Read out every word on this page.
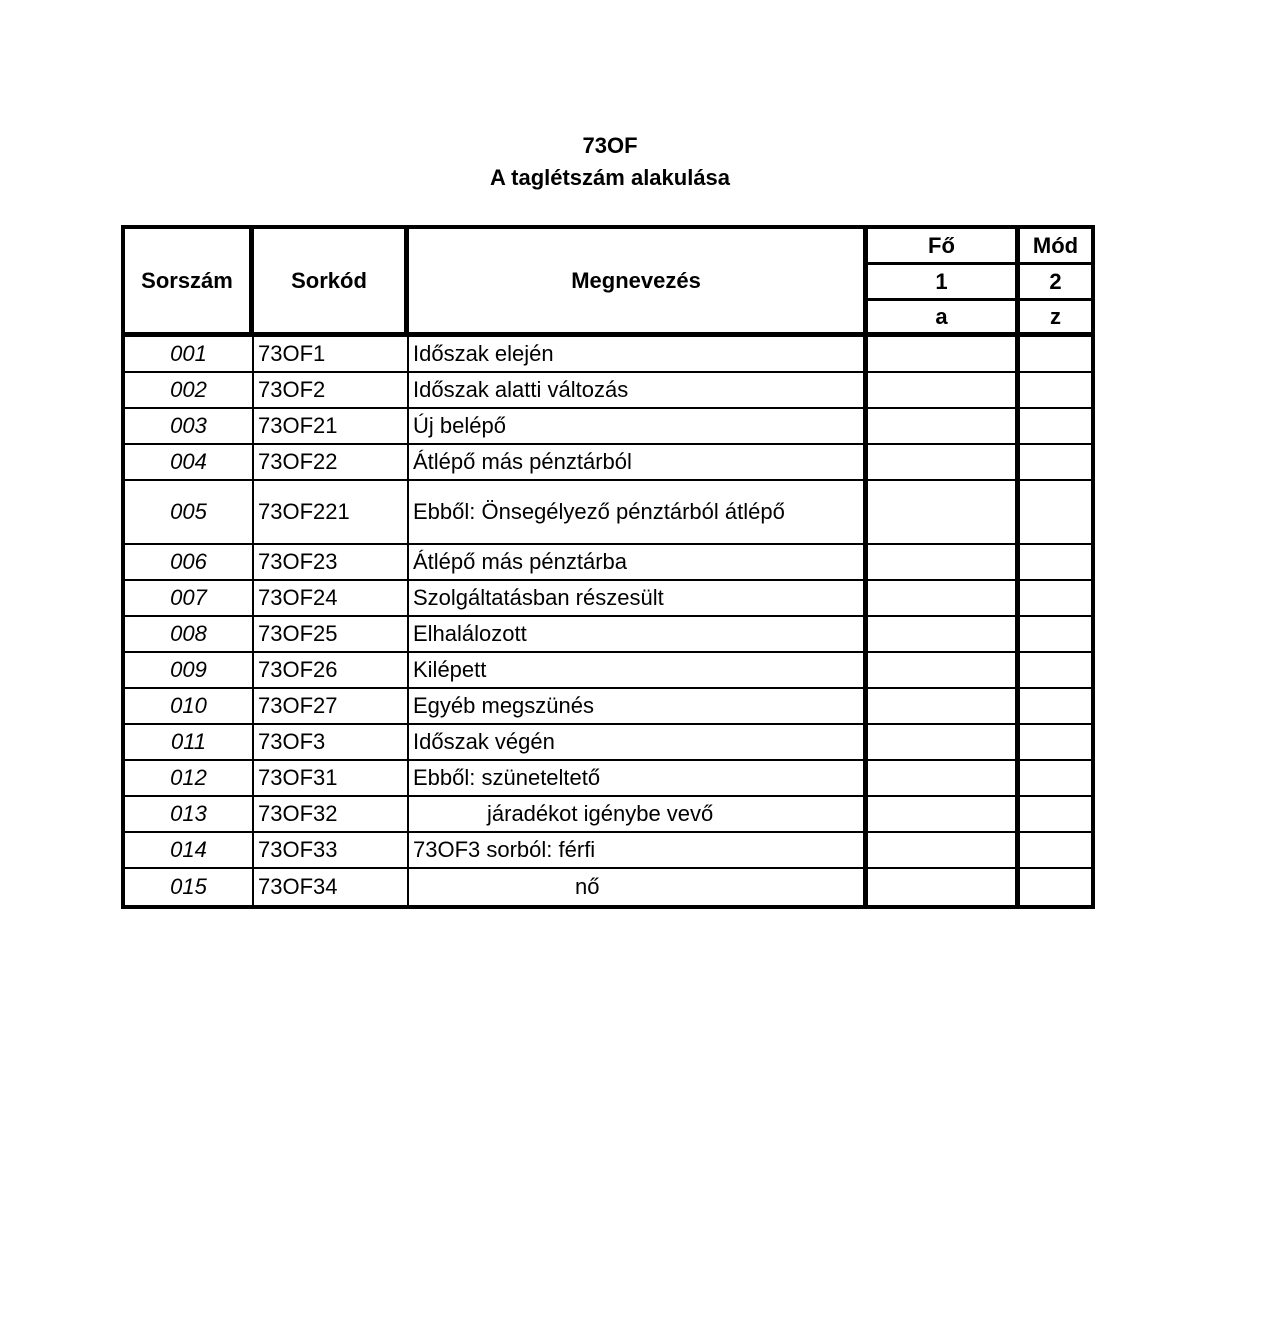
73OF
A taglétszám alakulása
Sorszám	Sorkód	Megnevezés	Fő	Mód
			1	2
			a	z
001	73OF1	Időszak elején		
002	73OF2	Időszak alatti változás		
003	73OF21	Új belépő		
004	73OF22	Átlépő más pénztárból		
005	73OF221	Ebből: Önsegélyező pénztárból átlépő		
006	73OF23	Átlépő más pénztárba		
007	73OF24	Szolgáltatásban részesült		
008	73OF25	Elhalálozott		
009	73OF26	Kilépett		
010	73OF27	Egyéb megszünés		
011	73OF3	Időszak végén		
012	73OF31	Ebből: szüneteltető		
013	73OF32	járadékot igénybe vevő		
014	73OF33	73OF3 sorból: férfi		
015	73OF34	nő		
